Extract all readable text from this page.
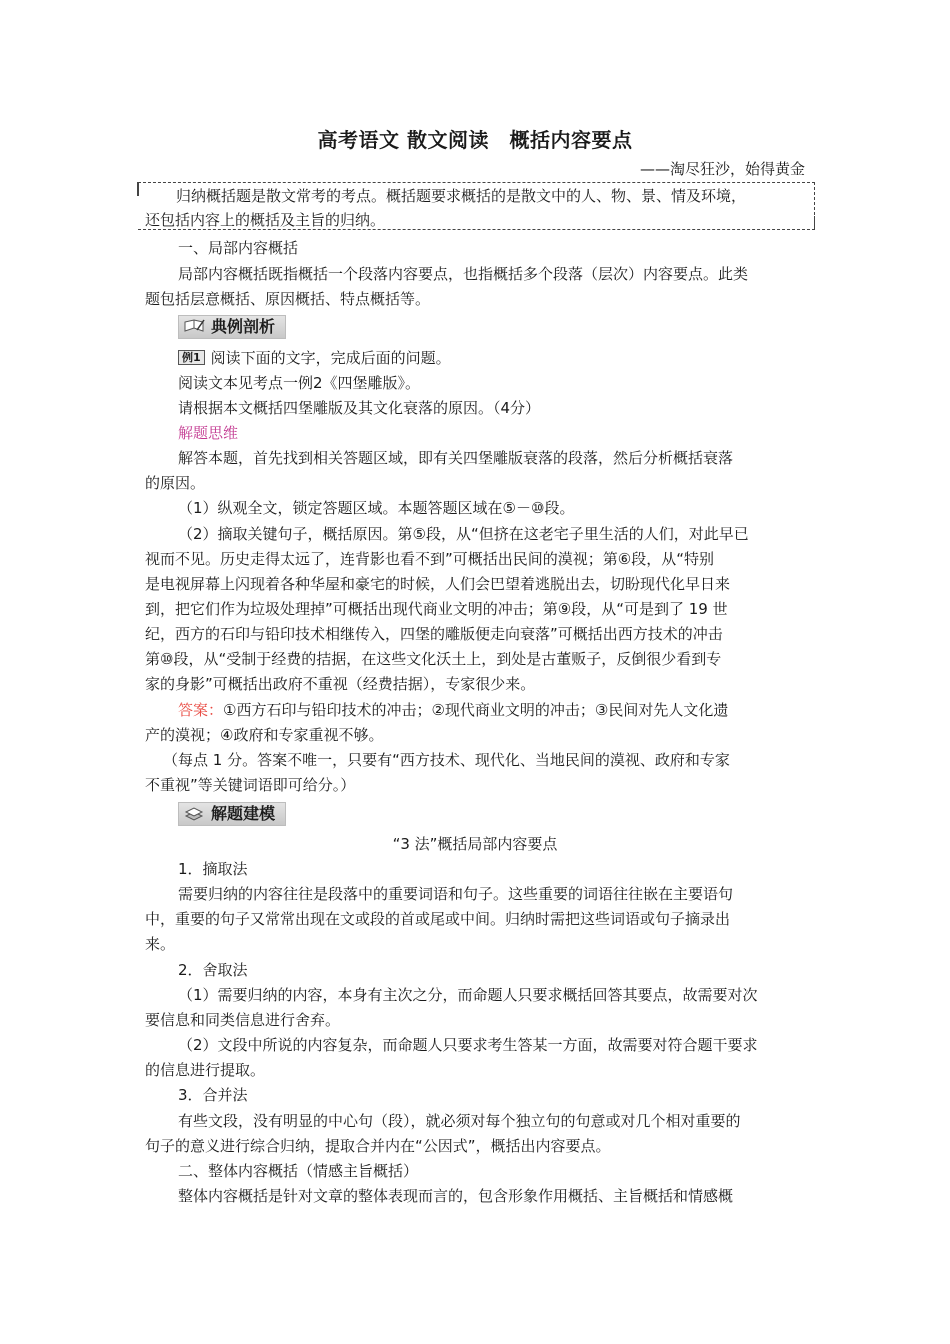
高考语文 散文阅读　概括内容要点
——淘尽狂沙，始得黄金
归纳概括题是散文常考的考点。概括题要求概括的是散文中的人、物、景、情及环境，
还包括内容上的概括及主旨的归纳。
一、局部内容概括
局部内容概括既指概括一个段落内容要点，也指概括多个段落（层次）内容要点。此类
题包括层意概括、原因概括、特点概括等。
典例剖析
例1 阅读下面的文字，完成后面的问题。
阅读文本见考点一例2《四堡雕版》。
请根据本文概括四堡雕版及其文化衰落的原因。（4分）
解题思维
解答本题，首先找到相关答题区域，即有关四堡雕版衰落的段落，然后分析概括衰落
的原因。
（1）纵观全文，锁定答题区域。本题答题区域在⑤－⑩段。
（2）摘取关键句子，概括原因。第⑤段，从“但挤在这老宅子里生活的人们，对此早已
视而不见。历史走得太远了，连背影也看不到”可概括出民间的漠视；第⑥段，从“特别
是电视屏幕上闪现着各种华屋和豪宅的时候，人们会巴望着逃脱出去，切盼现代化早日来
到，把它们作为垃圾处理掉”可概括出现代商业文明的冲击；第⑨段，从“可是到了 19 世
纪，西方的石印与铅印技术相继传入，四堡的雕版便走向衰落”可概括出西方技术的冲击
第⑩段，从“受制于经费的拮据，在这些文化沃土上，到处是古董贩子，反倒很少看到专
家的身影”可概括出政府不重视（经费拮据），专家很少来。
答案：①西方石印与铅印技术的冲击；②现代商业文明的冲击；③民间对先人文化遗
产的漠视；④政府和专家重视不够。
（每点 1 分。答案不唯一，只要有“西方技术、现代化、当地民间的漠视、政府和专家
不重视”等关键词语即可给分。）
解题建模
“3 法”概括局部内容要点
1．摘取法
需要归纳的内容往往是段落中的重要词语和句子。这些重要的词语往往嵌在主要语句
中，重要的句子又常常出现在文或段的首或尾或中间。归纳时需把这些词语或句子摘录出
来。
2．舍取法
（1）需要归纳的内容，本身有主次之分，而命题人只要求概括回答其要点，故需要对次
要信息和同类信息进行舍弃。
（2）文段中所说的内容复杂，而命题人只要求考生答某一方面，故需要对符合题干要求
的信息进行提取。
3．合并法
有些文段，没有明显的中心句（段），就必须对每个独立句的句意或对几个相对重要的
句子的意义进行综合归纳，提取合并内在“公因式”，概括出内容要点。
二、整体内容概括（情感主旨概括）
整体内容概括是针对文章的整体表现而言的，包含形象作用概括、主旨概括和情感概
